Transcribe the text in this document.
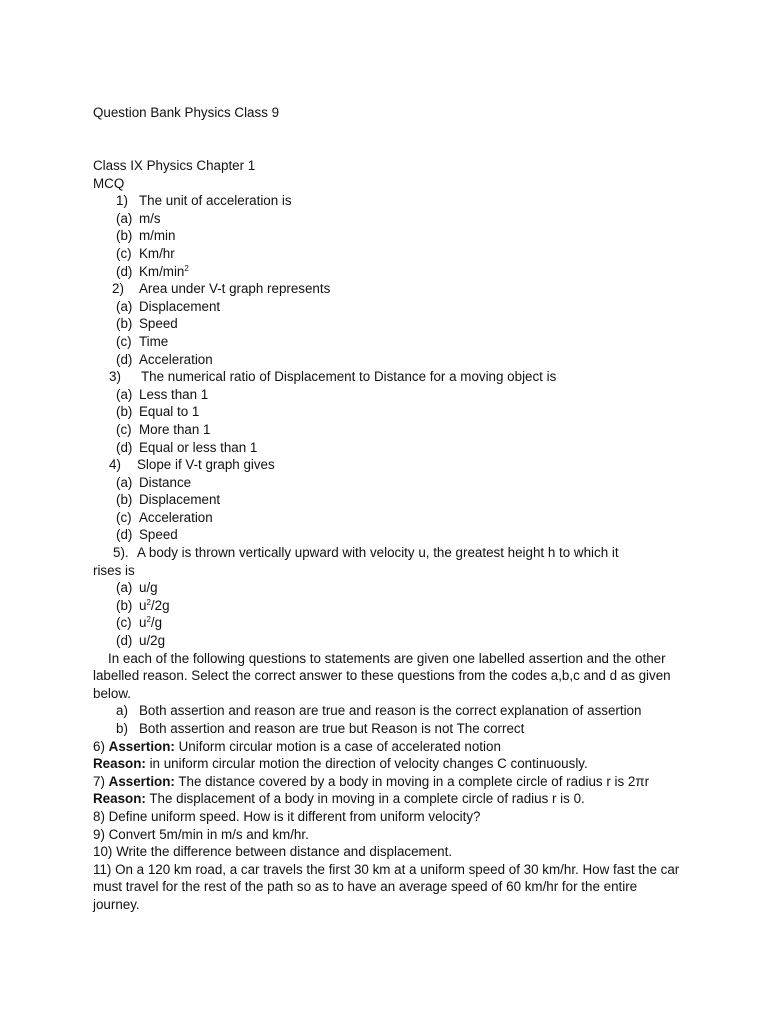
Question Bank Physics Class 9
Class IX Physics Chapter 1
MCQ
1) The unit of acceleration is
(a) m/s
(b) m/min
(c) Km/hr
(d) $Km/\min^2$
2)	Area under V-t graph represents
(a) Displacement
(b) Speed
(c) Time
(d) Acceleration
3)	The numerical ratio of Displacement to Distance for a moving object is
(a) Less than 1
(b) Equal to 1
(c) More than 1
(d) Equal or less than 1
4)	Slope if V-t graph gives
(a) Distance
(b) Displacement
(c) Acceleration
(d) Speed
5). A body is thrown vertically upward with velocity u, the greatest height h to which it
rises is
(a) u/g
(b) $u^2/2g$
(c) $u^2/g$
(d) u/2g
In each of the following questions to statements are given one labelled assertion and the other labelled reason. Select the correct answer to these questions from the codes a,b,c and d as given below.
a) Both assertion and reason are true and reason is the correct explanation of assertion
b) Both assertion and reason are true but Reason is not The correct
6) Assertion: Uniform circular motion is a case of accelerated notion
Reason: in uniform circular motion the direction of velocity changes C continuously.
7) Assertion: The distance covered by a body in moving in a complete circle of radius r is 2πr
Reason: The displacement of a body in moving in a complete circle of radius r is 0.
8) Define uniform speed. How is it different from uniform velocity?
9) Convert 5m/min in m/s and km/hr.
10) Write the difference between distance and displacement.
11) On a 120 km road, a car travels the first 30 km at a uniform speed of 30 km/hr. How fast the car must travel for the rest of the path so as to have an average speed of 60 km/hr for the entire journey.
